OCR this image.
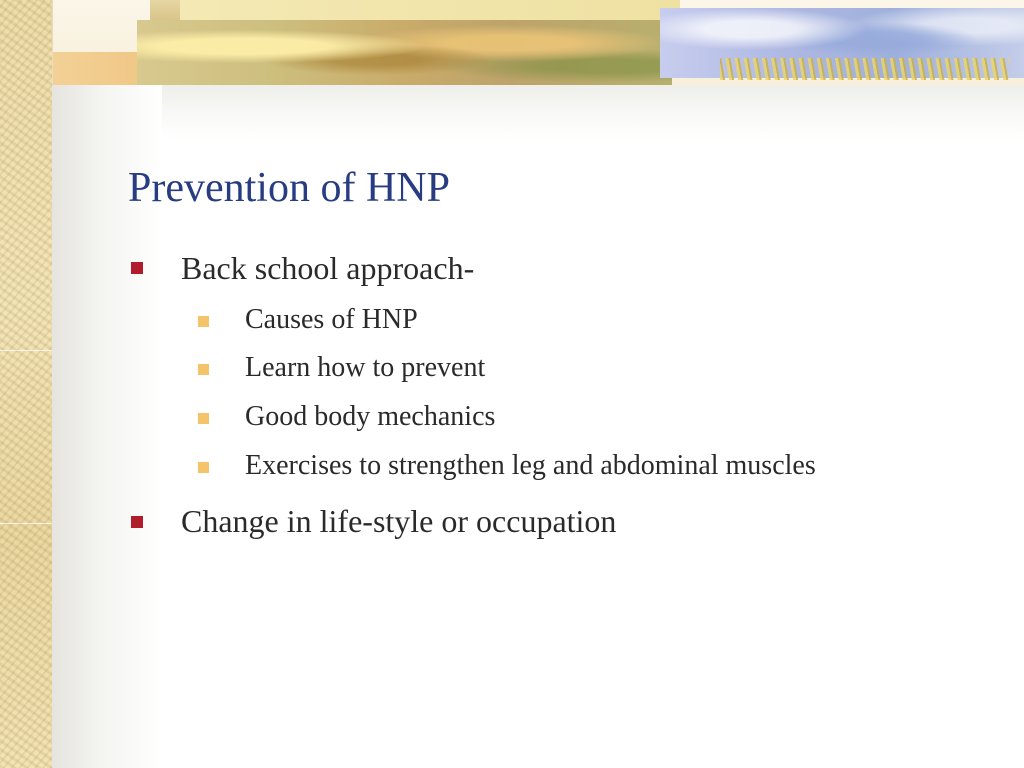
Prevention of HNP
Back school approach-
Causes of HNP
Learn how to prevent
Good body mechanics
Exercises to strengthen leg and abdominal muscles
Change in life-style or occupation
